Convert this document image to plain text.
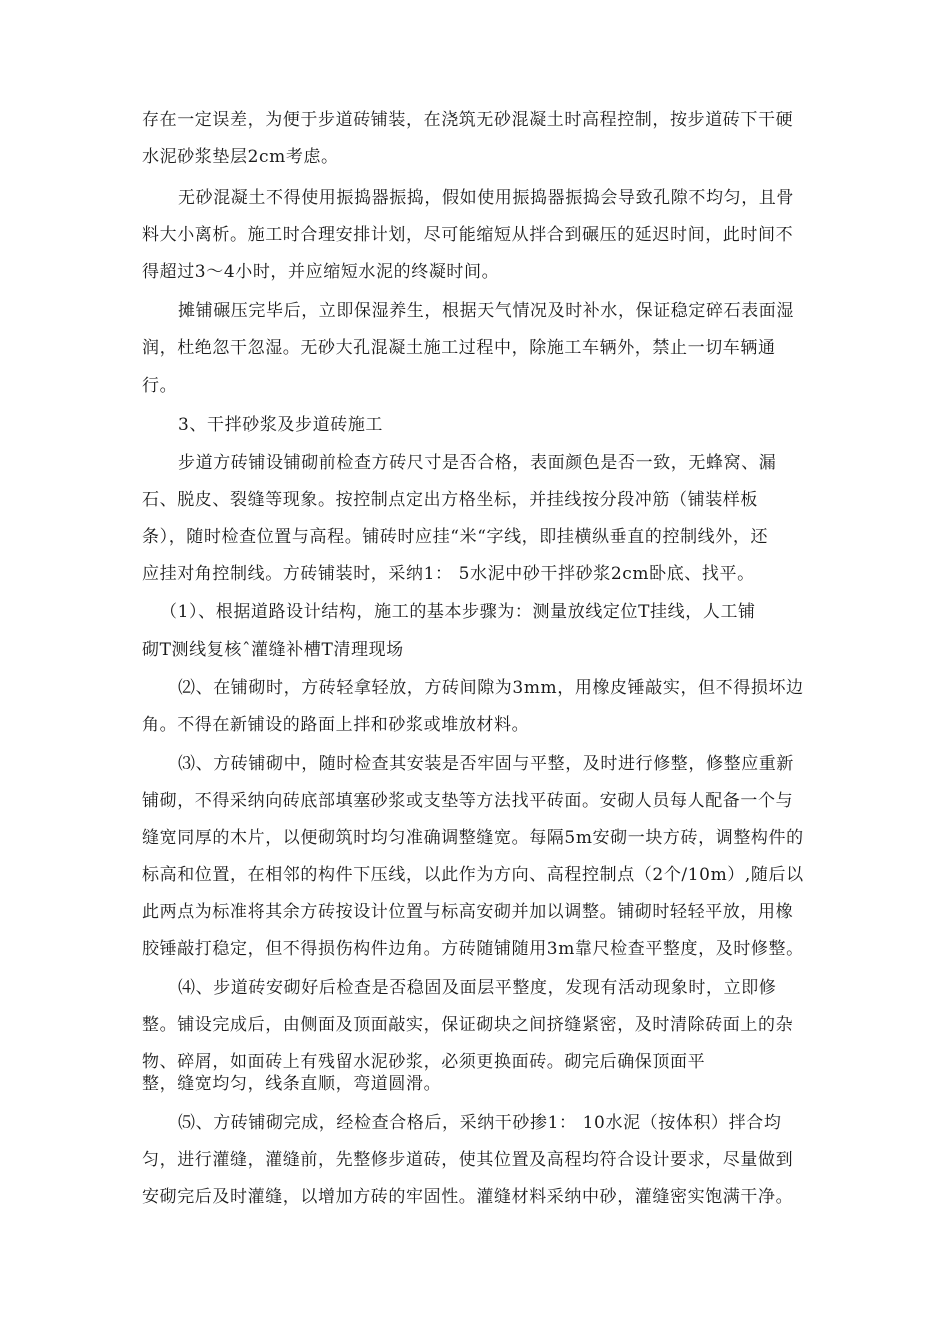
存在一定误差，为便于步道砖铺装，在浇筑无砂混凝土时高程控制，按步道砖下干硬
水泥砂浆垫层2cm考虑。
无砂混凝土不得使用振捣器振捣，假如使用振捣器振捣会导致孔隙不均匀，且骨
料大小离析。施工时合理安排计划，尽可能缩短从拌合到碾压的延迟时间，此时间不
得超过3〜4小时，并应缩短水泥的终凝时间。
摊铺碾压完毕后，立即保湿养生，根据天气情况及时补水，保证稳定碎石表面湿
润，杜绝忽干忽湿。无砂大孔混凝土施工过程中，除施工车辆外，禁止一切车辆通
行。
3、干拌砂浆及步道砖施工
步道方砖铺设铺砌前检查方砖尺寸是否合格，表面颜色是否一致，无蜂窝、漏
石、脱皮、裂缝等现象。按控制点定出方格坐标，并挂线按分段冲筋（铺装样板
条），随时检查位置与高程。铺砖时应挂“米“字线，即挂横纵垂直的控制线外，还
应挂对角控制线。方砖铺装时，采纳1： 5水泥中砂干拌砂浆2cm卧底、找平。
（1）、根据道路设计结构，施工的基本步骤为：测量放线定位T挂线，人工铺
砌T测线复核ˆ灌缝补槽T清理现场
⑵、在铺砌时，方砖轻拿轻放，方砖间隙为3mm，用橡皮锤敲实，但不得损坏边
角。不得在新铺设的路面上拌和砂浆或堆放材料。
⑶、方砖铺砌中，随时检查其安装是否牢固与平整，及时进行修整，修整应重新
铺砌，不得采纳向砖底部填塞砂浆或支垫等方法找平砖面。安砌人员每人配备一个与
缝宽同厚的木片，以便砌筑时均匀准确调整缝宽。每隔5m安砌一块方砖，调整构件的
标高和位置，在相邻的构件下压线，以此作为方向、高程控制点（2个/10m）,随后以
此两点为标准将其余方砖按设计位置与标高安砌并加以调整。铺砌时轻轻平放，用橡
胶锤敲打稳定，但不得损伤构件边角。方砖随铺随用3m靠尺检查平整度，及时修整。
⑷、步道砖安砌好后检查是否稳固及面层平整度，发现有活动现象时，立即修
整。铺设完成后，由侧面及顶面敲实，保证砌块之间挤缝紧密，及时清除砖面上的杂
物、碎屑，如面砖上有残留水泥砂浆，必须更换面砖。砌完后确保顶面平
整，缝宽均匀，线条直顺，弯道圆滑。
⑸、方砖铺砌完成，经检查合格后，采纳干砂掺1： 10水泥（按体积）拌合均
匀，进行灌缝，灌缝前，先整修步道砖，使其位置及高程均符合设计要求，尽量做到
安砌完后及时灌缝，以增加方砖的牢固性。灌缝材料采纳中砂，灌缝密实饱满干净。
